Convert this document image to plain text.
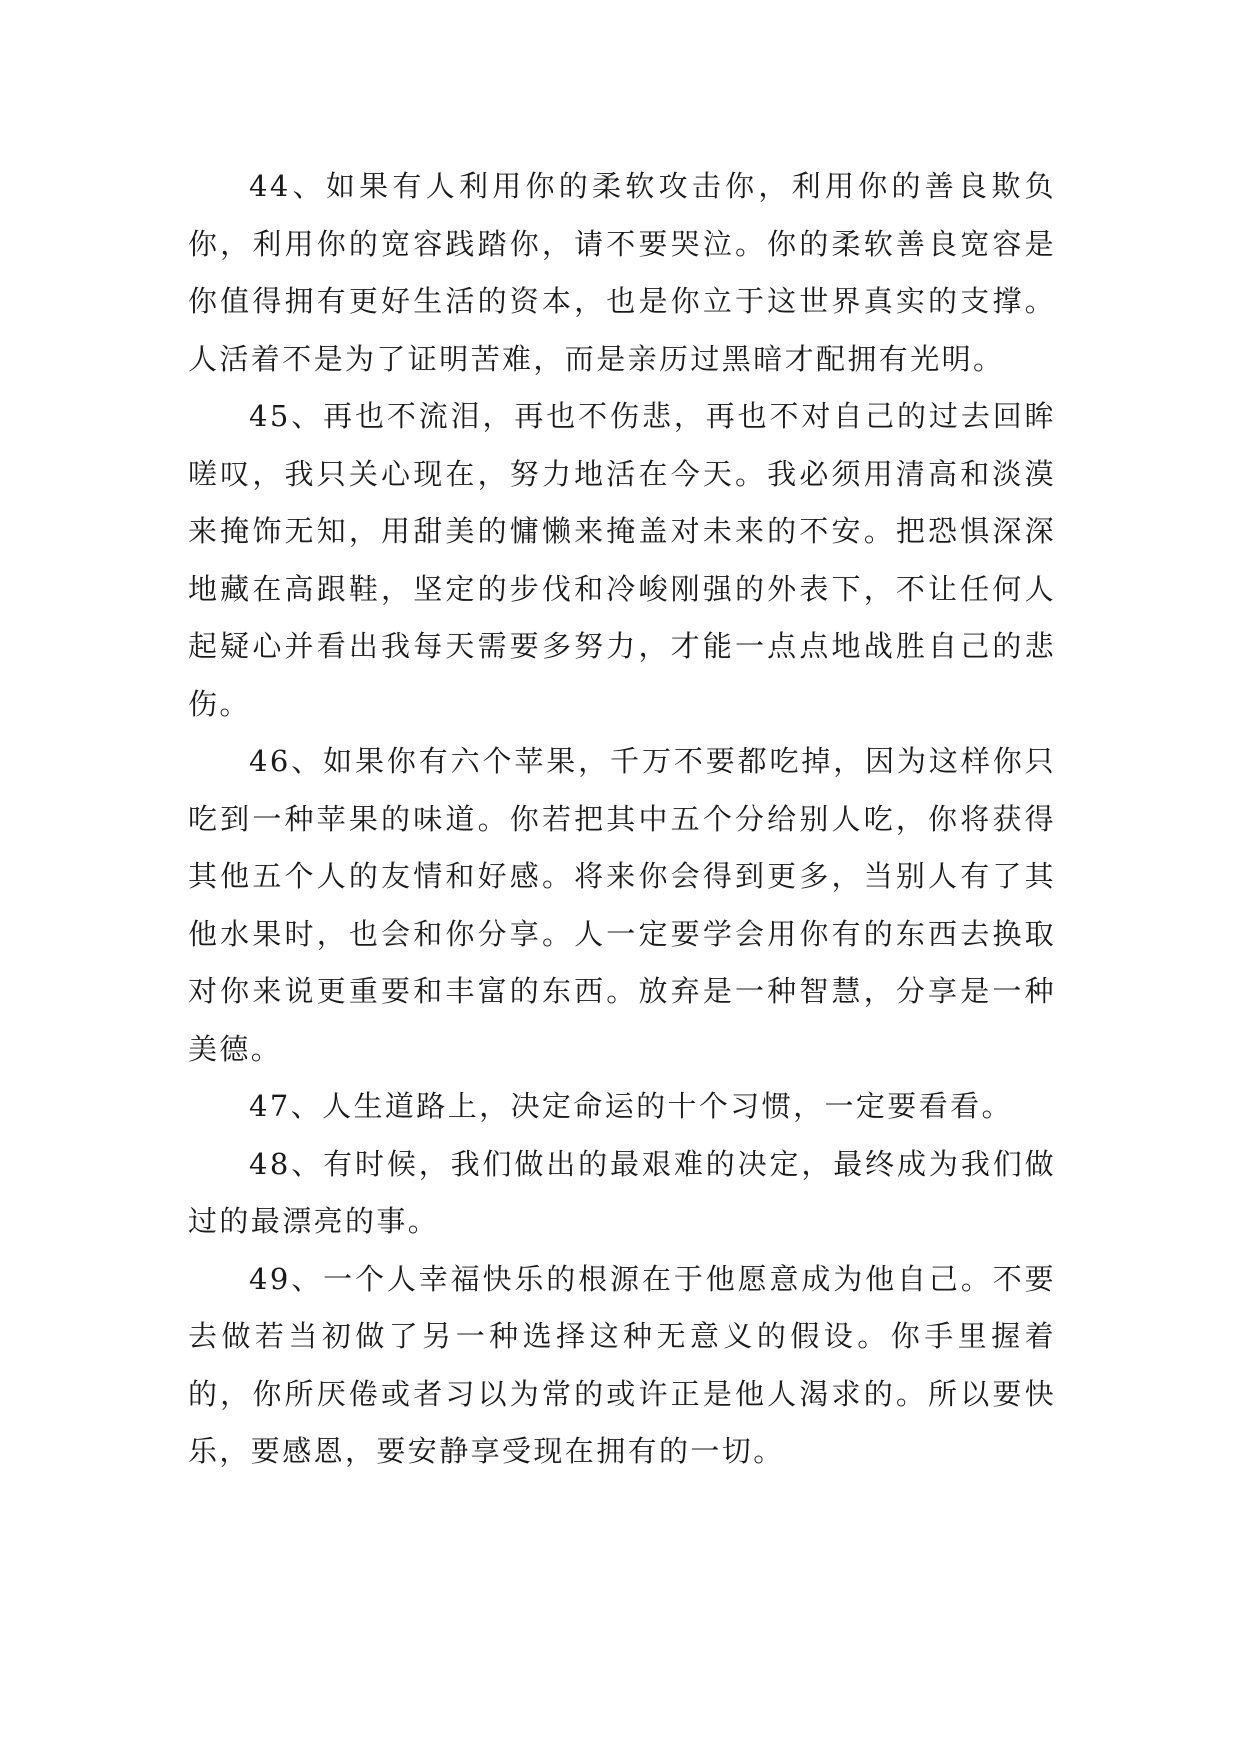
44、如果有人利用你的柔软攻击你，利用你的善良欺负你，利用你的宽容践踏你，请不要哭泣。你的柔软善良宽容是你值得拥有更好生活的资本，也是你立于这世界真实的支撑。人活着不是为了证明苦难，而是亲历过黑暗才配拥有光明。

45、再也不流泪，再也不伤悲，再也不对自己的过去回眸嗟叹，我只关心现在，努力地活在今天。我必须用清高和淡漠来掩饰无知，用甜美的慵懒来掩盖对未来的不安。把恐惧深深地藏在高跟鞋，坚定的步伐和冷峻刚强的外表下，不让任何人起疑心并看出我每天需要多努力，才能一点点地战胜自己的悲伤。

46、如果你有六个苹果，千万不要都吃掉，因为这样你只吃到一种苹果的味道。你若把其中五个分给别人吃，你将获得其他五个人的友情和好感。将来你会得到更多，当别人有了其他水果时，也会和你分享。人一定要学会用你有的东西去换取对你来说更重要和丰富的东西。放弃是一种智慧，分享是一种美德。

47、人生道路上，决定命运的十个习惯，一定要看看。

48、有时候，我们做出的最艰难的决定，最终成为我们做过的最漂亮的事。

49、一个人幸福快乐的根源在于他愿意成为他自己。不要去做若当初做了另一种选择这种无意义的假设。你手里握着的，你所厌倦或者习以为常的或许正是他人渴求的。所以要快乐，要感恩，要安静享受现在拥有的一切。
